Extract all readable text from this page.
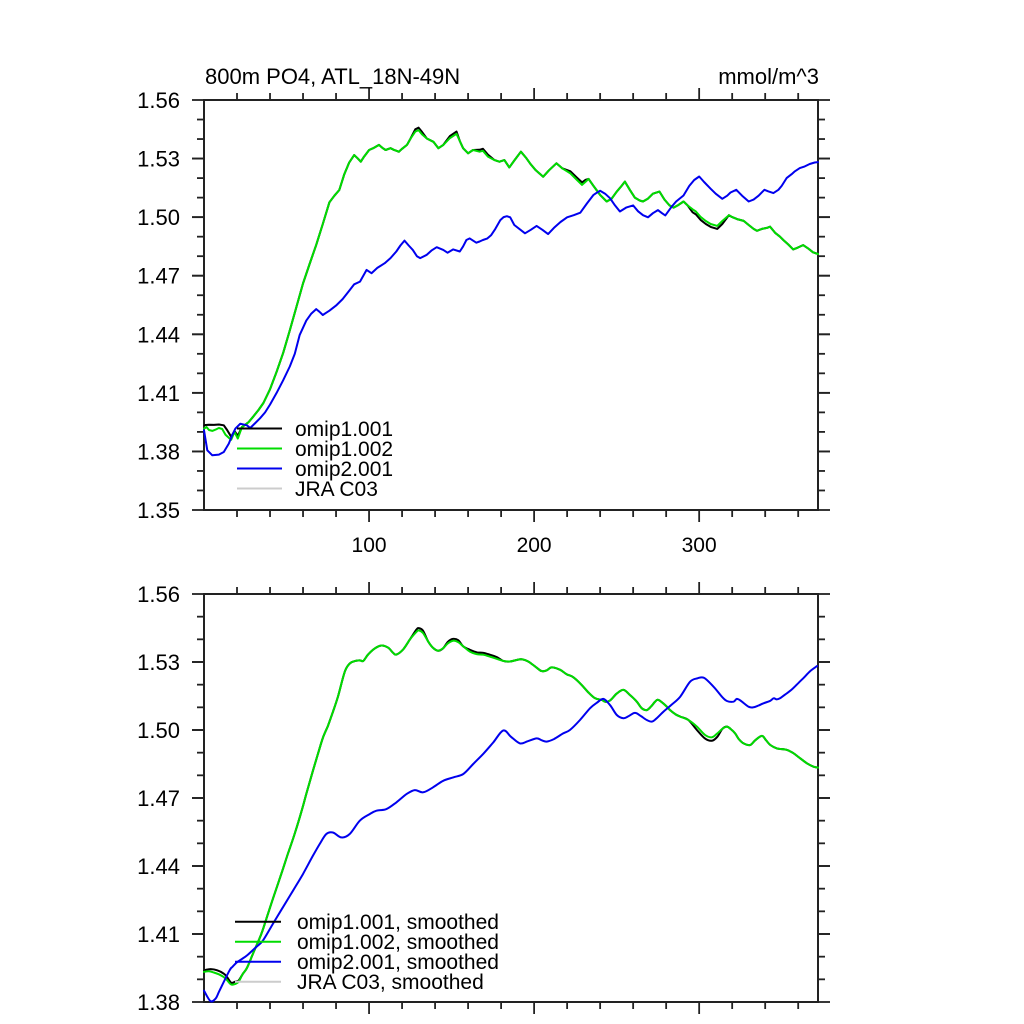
100	200	300
1.35
1.38
1.41
1.44
1.47
1.50
1.53
1.56
1.38
1.41
1.44
1.47
1.50
1.53
1.56
800m PO4, ATL_18N-49N	mmol/m^3
omip1.001
omip1.002
omip2.001
JRA C03
omip1.001, smoothed
omip1.002, smoothed
omip2.001, smoothed
JRA C03, smoothed
